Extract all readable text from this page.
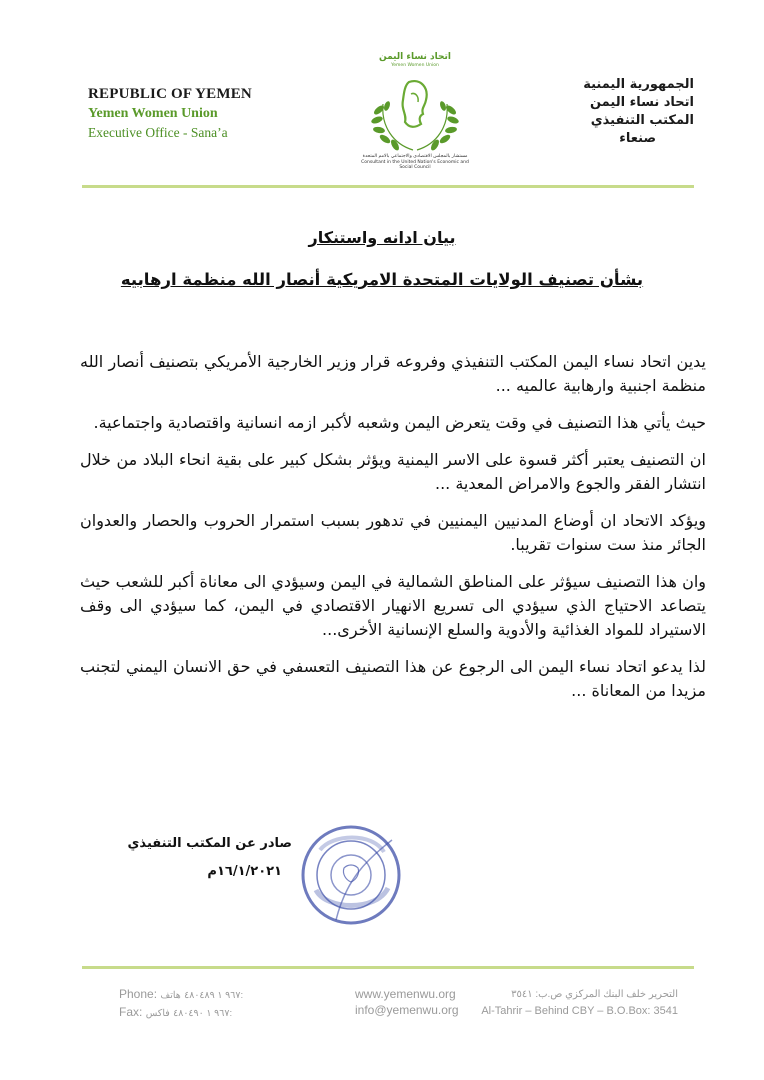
REPUBLIC OF YEMEN
Yemen Women Union
Executive Office - Sana’a
اتحاد نساء اليمن
Yemen Women Union
مستشار بالمجلس الاقتصادي والاجتماعي بالامم المتحدة
Consultant in the United Nation's Economic and Social Council
الجمهورية اليمنية
اتحاد نساء اليمن
المكتب التنفيذي
صنعاء
بيان ادانه واستنكار
بشأن تصنيف الولايات المتحدة الامريكية أنصار الله منظمة ارهابيه

يدين اتحاد نساء اليمن المكتب التنفيذي وفروعه قرار وزير الخارجية الأمريكي بتصنيف أنصار الله منظمة اجنبية وارهابية عالميه ...

حيث يأتي هذا التصنيف في وقت يتعرض اليمن وشعبه لأكبر ازمه انسانية واقتصادية واجتماعية.

ان التصنيف يعتبر أكثر قسوة على الاسر اليمنية ويؤثر بشكل كبير على بقية انحاء البلاد من خلال انتشار الفقر والجوع والامراض المعدية ...

ويؤكد الاتحاد ان أوضاع المدنيين اليمنيين في تدهور بسبب استمرار الحروب والحصار والعدوان الجائر منذ ست سنوات تقريبا.

وان هذا التصنيف سيؤثر على المناطق الشمالية في اليمن وسيؤدي الى معاناة أكبر للشعب حيث يتصاعد الاحتياج الذي سيؤدي الى تسريع الانهيار الاقتصادي في اليمن، كما سيؤدي الى وقف الاستيراد للمواد الغذائية والأدوية والسلع الإنسانية الأخرى...

لذا يدعو اتحاد نساء اليمن الى الرجوع عن هذا التصنيف التعسفي في حق الانسان اليمني لتجنب مزيدا من المعاناة ...

صادر عن المكتب التنفيذي
١٦/١/٢٠٢١م
Phone:	٩٦٧ ١ ٤٨٠٤٨٩ هاتف:
Fax:	٩٦٧ ١ ٤٨٠٤٩٠ فاكس:
www.yemenwu.org
info@yemenwu.org
التحرير خلف البنك المركزي ص.ب: ٣٥٤١
Al-Tahrir – Behind CBY – B.O.Box: 3541
